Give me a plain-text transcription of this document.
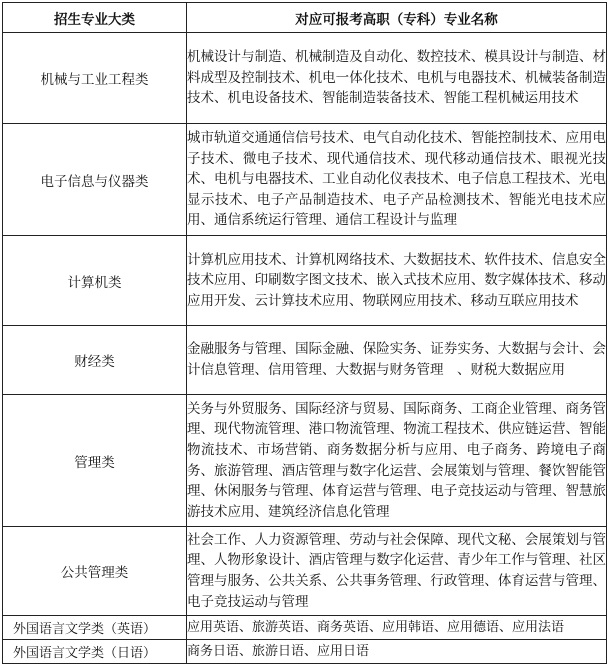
招生专业大类	对应可报考高职（专科）专业名称
机械与工业工程类	机械设计与制造、机械制造及自动化、数控技术、模具设计与制造、材料成型及控制技术、机电一体化技术、电机与电器技术、机械装备制造技术、机电设备技术、智能制造装备技术、智能工程机械运用技术
电子信息与仪器类	城市轨道交通通信信号技术、电气自动化技术、智能控制技术、应用电子技术、微电子技术、现代通信技术、现代移动通信技术、眼视光技术、电机与电器技术、工业自动化仪表技术、电子信息工程技术、光电显示技术、电子产品制造技术、电子产品检测技术、智能光电技术应用、通信系统运行管理、通信工程设计与监理
计算机类	计算机应用技术、计算机网络技术、大数据技术、软件技术、信息安全技术应用、印刷数字图文技术、嵌入式技术应用、数字媒体技术、移动应用开发、云计算技术应用、物联网应用技术、移动互联应用技术
财经类	金融服务与管理、国际金融、保险实务、证券实务、大数据与会计、会计信息管理、信用管理、大数据与财务管理　、财税大数据应用
管理类	关务与外贸服务、国际经济与贸易、国际商务、工商企业管理、商务管理、现代物流管理、港口物流管理、物流工程技术、供应链运营、智能物流技术、市场营销、商务数据分析与应用、电子商务、跨境电子商务、旅游管理、酒店管理与数字化运营、会展策划与管理、餐饮智能管理、休闲服务与管理、体育运营与管理、电子竞技运动与管理、智慧旅游技术应用、建筑经济信息化管理
公共管理类	社会工作、人力资源管理、劳动与社会保障、现代文秘、会展策划与管理、人物形象设计、酒店管理与数字化运营、青少年工作与管理、社区管理与服务、公共关系、公共事务管理、行政管理、体育运营与管理、电子竞技运动与管理
外国语言文学类（英语）	应用英语、旅游英语、商务英语、应用韩语、应用德语、应用法语
外国语言文学类（日语）	商务日语、旅游日语、应用日语
